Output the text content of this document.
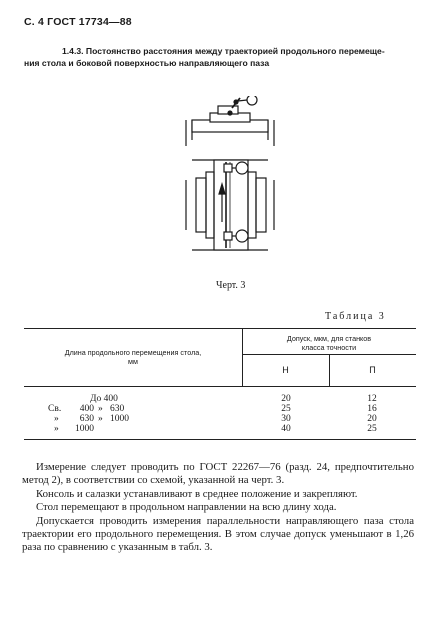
С. 4 ГОСТ 17734—88
1.4.3. Постоянство расстояния между траекторией продольного перемеще-
ния стола и боковой поверхностью направляющего паза
Черт. 3
Таблица 3
Длина продольного перемещения стола,
мм
Допуск, мкм, для станков
класса точности
Н	П
До 400	20	12
Св.	400 » 630	25	16
»	630 » 1000	30	20
»	1000	40	25

Измерение следует проводить по ГОСТ 22267—76 (разд. 24, предпочтительно метод 2), в соответствии со схемой, указанной на черт. 3.

Консоль и салазки устанавливают в среднее положение и закрепляют.

Стол перемещают в продольном направлении на всю длину хода.

Допускается проводить измерения параллельности направляющего паза стола траектории его продольного перемещения. В этом случае допуск уменьшают в 1,26 раза по сравнению с указанным в табл. 3.
